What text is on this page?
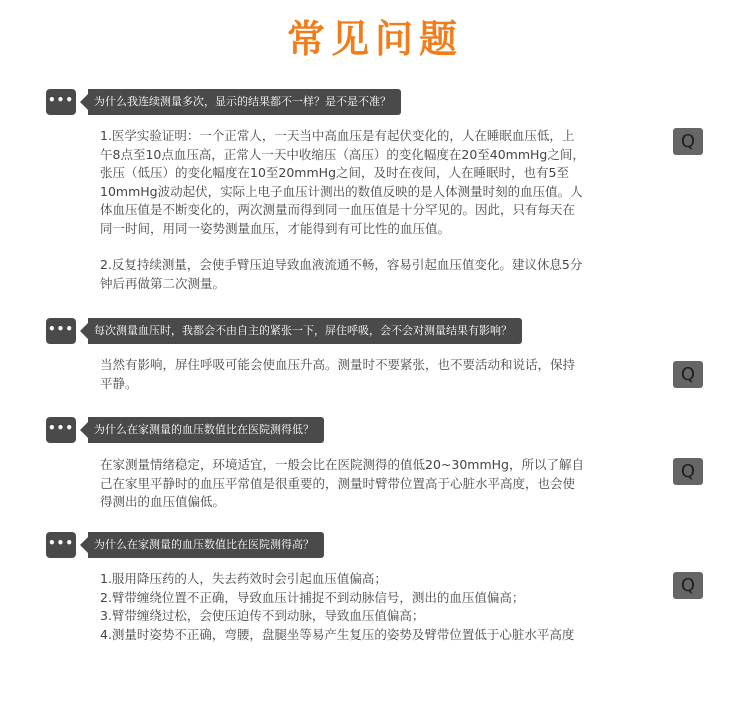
常见问题
•••	为什么我连续测量多次，显示的结果都不一样？是不是不准？
Q

1.医学实验证明：一个正常人，一天当中高血压是有起伏变化的，人在睡眠血压低，上

午8点至10点血压高，正常人一天中收缩压（高压）的变化幅度在20至40mmHg之间，

张压（低压）的变化幅度在10至20mmHg之间，及时在夜间，人在睡眠时，也有5至

10mmHg波动起伏，实际上电子血压计测出的数值反映的是人体测量时刻的血压值。人

体血压值是不断变化的，两次测量而得到同一血压值是十分罕见的。因此，只有每天在

同一时间，用同一姿势测量血压，才能得到有可比性的血压值。

2.反复持续测量，会使手臂压迫导致血液流通不畅，容易引起血压值变化。建议休息5分

钟后再做第二次测量。

•••	每次测量血压时，我都会不由自主的紧张一下，屏住呼吸，会不会对测量结果有影响？
Q

当然有影响，屏住呼吸可能会使血压升高。测量时不要紧张，也不要活动和说话，保持

平静。

•••	为什么在家测量的血压数值比在医院测得低？
Q

在家测量情绪稳定，环境适宜，一般会比在医院测得的值低20~30mmHg，所以了解自

己在家里平静时的血压平常值是很重要的，测量时臂带位置高于心脏水平高度，也会使

得测出的血压值偏低。

•••	为什么在家测量的血压数值比在医院测得高？
Q

1.服用降压药的人，失去药效时会引起血压值偏高；

2.臂带缠绕位置不正确，导致血压计捕捉不到动脉信号，测出的血压值偏高；

3.臂带缠绕过松，会使压迫传不到动脉，导致血压值偏高；

4.测量时姿势不正确，弯腰，盘腿坐等易产生复压的姿势及臂带位置低于心脏水平高度
